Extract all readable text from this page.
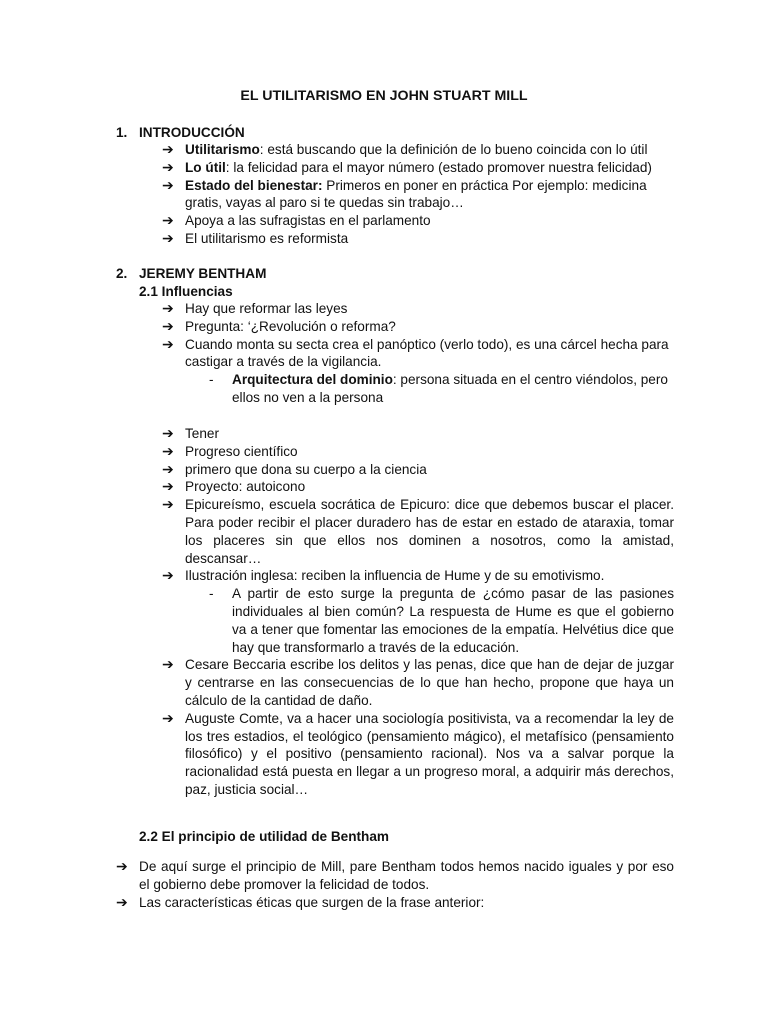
EL UTILITARISMO EN JOHN STUART MILL
1. INTRODUCCIÓN
➔ Utilitarismo: está buscando que la definición de lo bueno coincida con lo útil
➔ Lo útil: la felicidad para el mayor número (estado promover nuestra felicidad)
➔ Estado del bienestar: Primeros en poner en práctica Por ejemplo: medicina gratis, vayas al paro si te quedas sin trabajo…
➔ Apoya a las sufragistas en el parlamento
➔ El utilitarismo es reformista
2. JEREMY BENTHAM
2.1 Influencias
➔ Hay que reformar las leyes
➔ Pregunta: ‘¿Revolución o reforma?
➔ Cuando monta su secta crea el panóptico (verlo todo), es una cárcel hecha para castigar a través de la vigilancia.
- Arquitectura del dominio: persona situada en el centro viéndolos, pero ellos no ven a la persona
➔ Tener
➔ Progreso científico
➔ primero que dona su cuerpo a la ciencia
➔ Proyecto: autoicono
➔ Epicureísmo, escuela socrática de Epicuro: dice que debemos buscar el placer. Para poder recibir el placer duradero has de estar en estado de ataraxia, tomar los placeres sin que ellos nos dominen a nosotros, como la amistad, descansar…
➔ Ilustración inglesa: reciben la influencia de Hume y de su emotivismo.
- A partir de esto surge la pregunta de ¿cómo pasar de las pasiones individuales al bien común? La respuesta de Hume es que el gobierno va a tener que fomentar las emociones de la empatía. Helvétius dice que hay que transformarlo a través de la educación.
➔ Cesare Beccaria escribe los delitos y las penas, dice que han de dejar de juzgar y centrarse en las consecuencias de lo que han hecho, propone que haya un cálculo de la cantidad de daño.
➔ Auguste Comte, va a hacer una sociología positivista, va a recomendar la ley de los tres estadios, el teológico (pensamiento mágico), el metafísico (pensamiento filosófico) y el positivo (pensamiento racional). Nos va a salvar porque la racionalidad está puesta en llegar a un progreso moral, a adquirir más derechos, paz, justicia social…
2.2 El principio de utilidad de Bentham
➔ De aquí surge el principio de Mill, pare Bentham todos hemos nacido iguales y por eso el gobierno debe promover la felicidad de todos.
➔ Las características éticas que surgen de la frase anterior:
